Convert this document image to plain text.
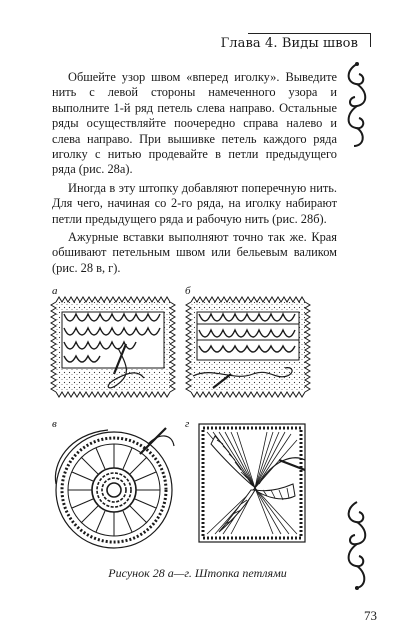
Глава 4. Виды швов

Обшейте узор швом «вперед иголку». Выведите нить с левой стороны намеченного узора и выполните 1-й ряд петель слева направо. Остальные ряды осуществляйте поочередно справа налево и слева направо. При вышивке петель каждого ряда иголку с нитью продевайте в петли предыдущего ряда (рис. 28а).

Иногда в эту штопку добавляют поперечную нить. Для чего, начиная со 2-го ряда, на иголку набирают петли предыдущего ряда и рабочую нить (рис. 28б).

Ажурные вставки выполняют точно так же. Края обшивают петельным швом или бельевым валиком (рис. 28 в, г).

а	б
в	г
Рисунок 28 а—г. Штопка петлями
73
